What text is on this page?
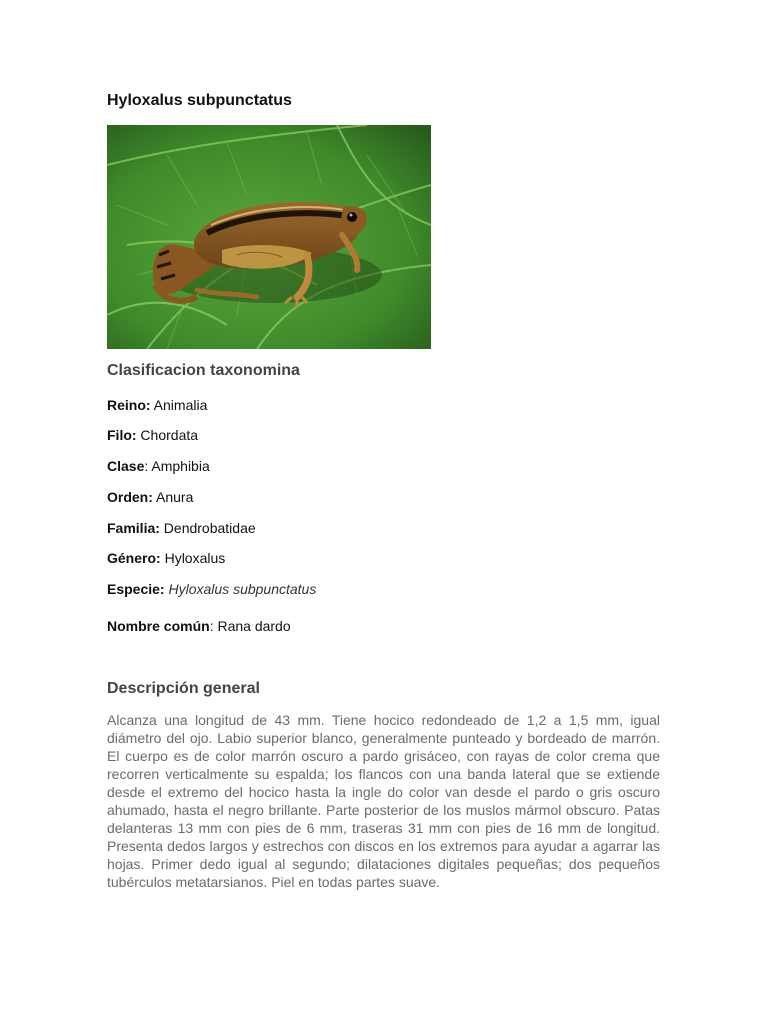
Hyloxalus subpunctatus
Clasificacion taxonomina
Reino: Animalia
Filo: Chordata
Clase: Amphibia
Orden: Anura
Familia: Dendrobatidae
Género: Hyloxalus
Especie: Hyloxalus subpunctatus
Nombre común: Rana dardo
Descripción general

Alcanza una longitud de 43 mm. Tiene hocico redondeado de 1,2 a 1,5 mm, igual diámetro del ojo. Labio superior blanco, generalmente punteado y bordeado de marrón. El cuerpo es de color marrón oscuro a pardo grisáceo, con rayas de color crema que recorren verticalmente su espalda; los flancos con una banda lateral que se extiende desde el extremo del hocico hasta la ingle do color van desde el pardo o gris oscuro ahumado, hasta el negro brillante. Parte posterior de los muslos mármol obscuro. Patas delanteras 13 mm con pies de 6 mm, traseras 31 mm con pies de 16 mm de longitud. Presenta dedos largos y estrechos con discos en los extremos para ayudar a agarrar las hojas. Primer dedo igual al segundo; dilataciones digitales pequeñas; dos pequeños tubérculos metatarsianos. Piel en todas partes suave.
